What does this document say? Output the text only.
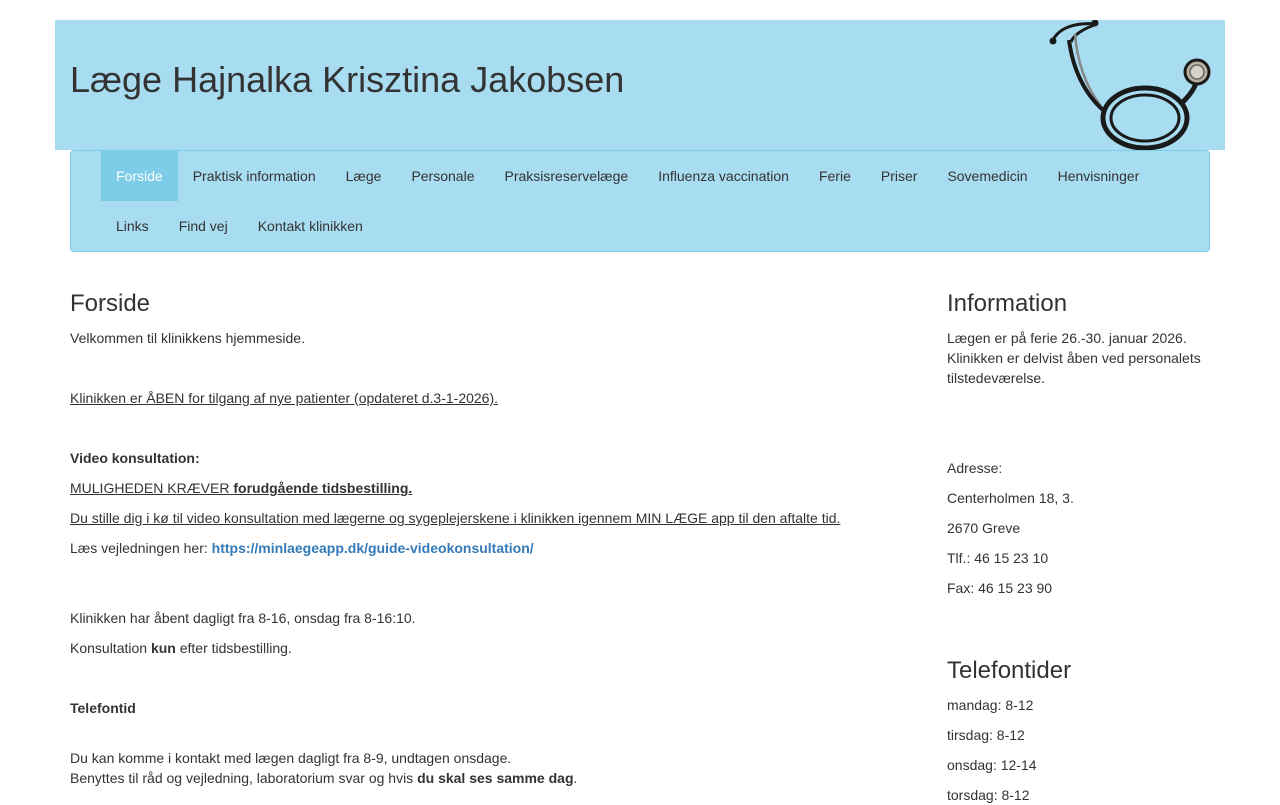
Læge Hajnalka Krisztina Jakobsen
Forside	Praktisk information	Læge	Personale	Praksisreservelæge	Influenza vaccination	Ferie	Priser	Sovemedicin	Henvisninger
Links	Find vej	Kontakt klinikken
Forside

Velkommen til klinikkens hjemmeside.

Klinikken er ÅBEN for tilgang af nye patienter (opdateret d.3-1-2026).

Video konsultation:

MULIGHEDEN KRÆVER forudgående tidsbestilling.

Du stille dig i kø til video konsultation med lægerne og sygeplejerskene i klinikken igennem MIN LÆGE app til den aftalte tid.

Læs vejledningen her: https://minlaegeapp.dk/guide-videokonsultation/

Klinikken har åbent dagligt fra 8-16, onsdag fra 8-16:10.

Konsultation kun efter tidsbestilling.

Telefontid

Du kan komme i kontakt med lægen dagligt fra 8-9, undtagen onsdage.

Benyttes til råd og vejledning, laboratorium svar og hvis du skal ses samme dag.

Information

Lægen er på ferie 26.-30. januar 2026. Klinikken er delvist åben ved personalets tilstedeværelse.

Adresse:

Centerholmen 18, 3.

2670 Greve

Tlf.: 46 15 23 10

Fax: 46 15 23 90

Telefontider

mandag: 8-12

tirsdag: 8-12

onsdag: 12-14

torsdag: 8-12
